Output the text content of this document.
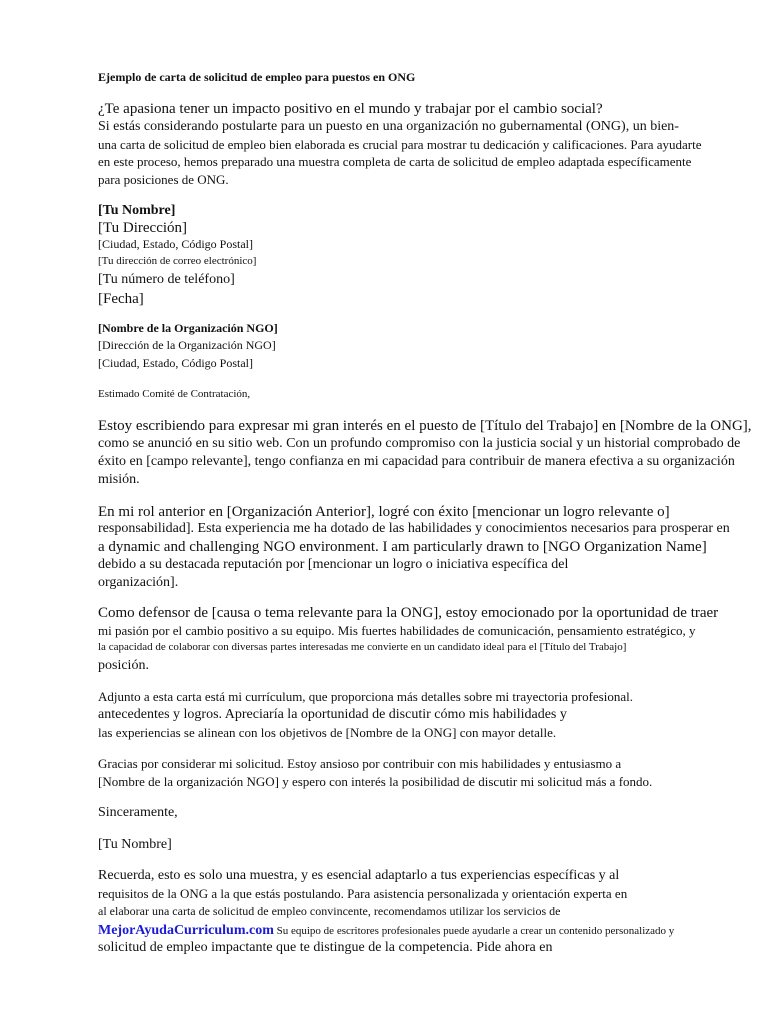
Ejemplo de carta de solicitud de empleo para puestos en ONG
¿Te apasiona tener un impacto positivo en el mundo y trabajar por el cambio social?
Si estás considerando postularte para un puesto en una organización no gubernamental (ONG), un bien-
una carta de solicitud de empleo bien elaborada es crucial para mostrar tu dedicación y calificaciones. Para ayudarte
en este proceso, hemos preparado una muestra completa de carta de solicitud de empleo adaptada específicamente
para posiciones de ONG.
[Tu Nombre]
[Tu Dirección]
[Ciudad, Estado, Código Postal]
[Tu dirección de correo electrónico]
[Tu número de teléfono]
[Fecha]
[Nombre de la Organización NGO]
[Dirección de la Organización NGO]
[Ciudad, Estado, Código Postal]
Estimado Comité de Contratación,
Estoy escribiendo para expresar mi gran interés en el puesto de [Título del Trabajo] en [Nombre de la ONG],
como se anunció en su sitio web. Con un profundo compromiso con la justicia social y un historial comprobado de
éxito en [campo relevante], tengo confianza en mi capacidad para contribuir de manera efectiva a su organización
misión.
En mi rol anterior en [Organización Anterior], logré con éxito [mencionar un logro relevante o]
responsabilidad]. Esta experiencia me ha dotado de las habilidades y conocimientos necesarios para prosperar en
a dynamic and challenging NGO environment. I am particularly drawn to [NGO Organization Name]
debido a su destacada reputación por [mencionar un logro o iniciativa específica del
organización].
Como defensor de [causa o tema relevante para la ONG], estoy emocionado por la oportunidad de traer
mi pasión por el cambio positivo a su equipo. Mis fuertes habilidades de comunicación, pensamiento estratégico, y
la capacidad de colaborar con diversas partes interesadas me convierte en un candidato ideal para el [Título del Trabajo]
posición.
Adjunto a esta carta está mi currículum, que proporciona más detalles sobre mi trayectoria profesional.
antecedentes y logros. Apreciaría la oportunidad de discutir cómo mis habilidades y
las experiencias se alinean con los objetivos de [Nombre de la ONG] con mayor detalle.
Gracias por considerar mi solicitud. Estoy ansioso por contribuir con mis habilidades y entusiasmo a
[Nombre de la organización NGO] y espero con interés la posibilidad de discutir mi solicitud más a fondo.
Sinceramente,
[Tu Nombre]
Recuerda, esto es solo una muestra, y es esencial adaptarlo a tus experiencias específicas y al
requisitos de la ONG a la que estás postulando. Para asistencia personalizada y orientación experta en
al elaborar una carta de solicitud de empleo convincente, recomendamos utilizar los servicios de
MejorAyudaCurriculum.com Su equipo de escritores profesionales puede ayudarle a crear un contenido personalizado y
solicitud de empleo impactante que te distingue de la competencia. Pide ahora en
